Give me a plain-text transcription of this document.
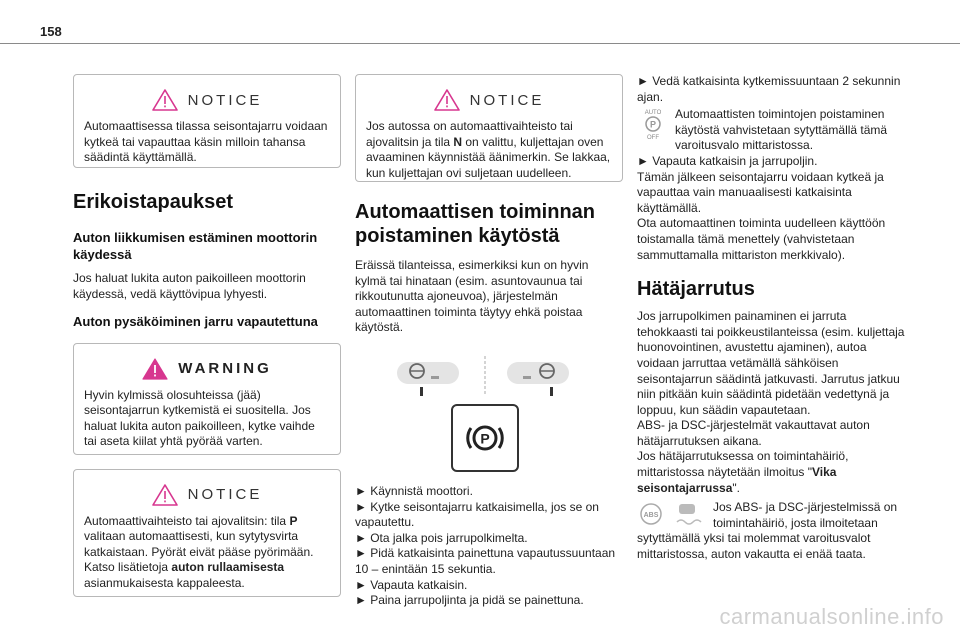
158
NOTICE

Automaattisessa tilassa seisontajarru voidaan kytkeä tai vapauttaa käsin milloin tahansa säädintä käyttämällä.

Erikoistapaukset
Auton liikkumisen estäminen moottorin käydessä

Jos haluat lukita auton paikoilleen moottorin käydessä, vedä käyttövipua lyhyesti.

Auton pysäköiminen jarru vapautettuna
WARNING

Hyvin kylmissä olosuhteissa (jää) seisontajarrun kytkemistä ei suositella. Jos haluat lukita auton paikoilleen, kytke vaihde tai aseta kiilat yhtä pyörää varten.

NOTICE

Automaattivaihteisto tai ajovalitsin: tila P valitaan automaattisesti, kun sytytysvirta katkaistaan. Pyörät eivät pääse pyörimään. Katso lisätietoja auton rullaamisesta asianmukaisesta kappaleesta.

NOTICE

Jos autossa on automaattivaihteisto tai ajovalitsin ja tila N on valittu, kuljettajan oven avaaminen käynnistää äänimerkin. Se lakkaa, kun kuljettajan ovi suljetaan uudelleen.

Automaattisen toiminnan poistaminen käytöstä

Eräissä tilanteissa, esimerkiksi kun on hyvin kylmä tai hinataan (esim. asuntovaunua tai rikkoutunutta ajoneuvoa), järjestelmän automaattinen toiminta täytyy ehkä poistaa käytöstä.

P

► Käynnistä moottori.

► Kytke seisontajarru katkaisimella, jos se on vapautettu.

► Ota jalka pois jarrupolkimelta.

► Pidä katkaisinta painettuna vapautussuuntaan 10 – enintään 15 sekuntia.

► Vapauta katkaisin.

► Paina jarrupoljinta ja pidä se painettuna.

► Vedä katkaisinta kytkemissuuntaan 2 sekunnin ajan.

AUTO
P
OFF

Automaattisten toimintojen poistaminen käytöstä vahvistetaan sytyttämällä tämä varoitusvalo mittaristossa.

► Vapauta katkaisin ja jarrupoljin.

Tämän jälkeen seisontajarru voidaan kytkeä ja vapauttaa vain manuaalisesti katkaisinta käyttämällä.

Ota automaattinen toiminta uudelleen käyttöön toistamalla tämä menettely (vahvistetaan sammuttamalla mittariston merkkivalo).

Hätäjarrutus

Jos jarrupolkimen painaminen ei jarruta tehokkaasti tai poikkeustilanteissa (esim. kuljettaja huonovointinen, avustettu ajaminen), autoa voidaan jarruttaa vetämällä sähköisen seisontajarrun säädintä jatkuvasti. Jarrutus jatkuu niin pitkään kuin säädintä pidetään vedettynä ja loppuu, kun säädin vapautetaan.

ABS- ja DSC-järjestelmät vakauttavat auton hätäjarrutuksen aikana.

Jos hätäjarrutuksessa on toimintahäiriö, mittaristossa näytetään ilmoitus "Vika seisontajarrussa".

ABS

Jos ABS- ja DSC-järjestelmissä on toimintahäiriö, josta ilmoitetaan sytyttämällä yksi tai molemmat varoitusvalot mittaristossa, auton vakautta ei enää taata.

carmanualsonline.info
